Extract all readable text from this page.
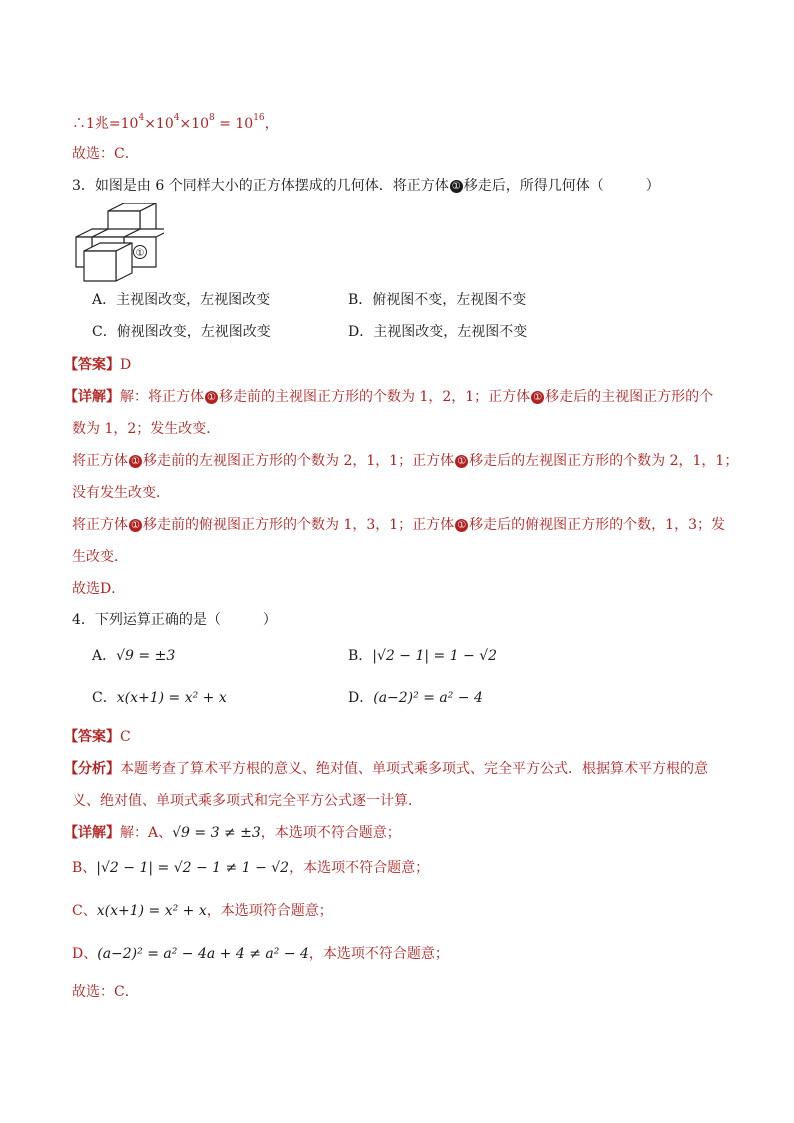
∴1兆$=10^4\times 10^4\times 10^8 = 10^{16}$，
故选：C．
3．如图是由 6 个同样大小的正方体摆成的几何体．将正方体 ① 移走后，所得几何体（　　　）
①
A．主视图改变，左视图改变	B．俯视图不变，左视图不变
C．俯视图改变，左视图改变	D．主视图改变，左视图不变
【答案】D
【详解】解：将正方体 ① 移走前的主视图正方形的个数为 1，2，1；正方体 ① 移走后的主视图正方形的个
数为 1，2；发生改变．
将正方体 ① 移走前的左视图正方形的个数为 2，1，1；正方体 ① 移走后的左视图正方形的个数为 2，1，1；
没有发生改变．
将正方体 ① 移走前的俯视图正方形的个数为 1，3，1；正方体 ① 移走后的俯视图正方形的个数，1，3；发
生改变．
故选D．
4．下列运算正确的是（　　　）
A．√9 = ±3	B．|√2 − 1| = 1 − √2
C．x(x+1) = x² + x	D．(a−2)² = a² − 4
【答案】C
【分析】本题考查了算术平方根的意义、绝对值、单项式乘多项式、完全平方公式．根据算术平方根的意
义、绝对值、单项式乘多项式和完全平方公式逐一计算．
【详解】解：A、√9 = 3 ≠ ±3，本选项不符合题意；
B、|√2 − 1| = √2 − 1 ≠ 1 − √2，本选项不符合题意；
C、x(x+1) = x² + x，本选项符合题意；
D、(a−2)² = a² − 4a + 4 ≠ a² − 4，本选项不符合题意；
故选：C．
